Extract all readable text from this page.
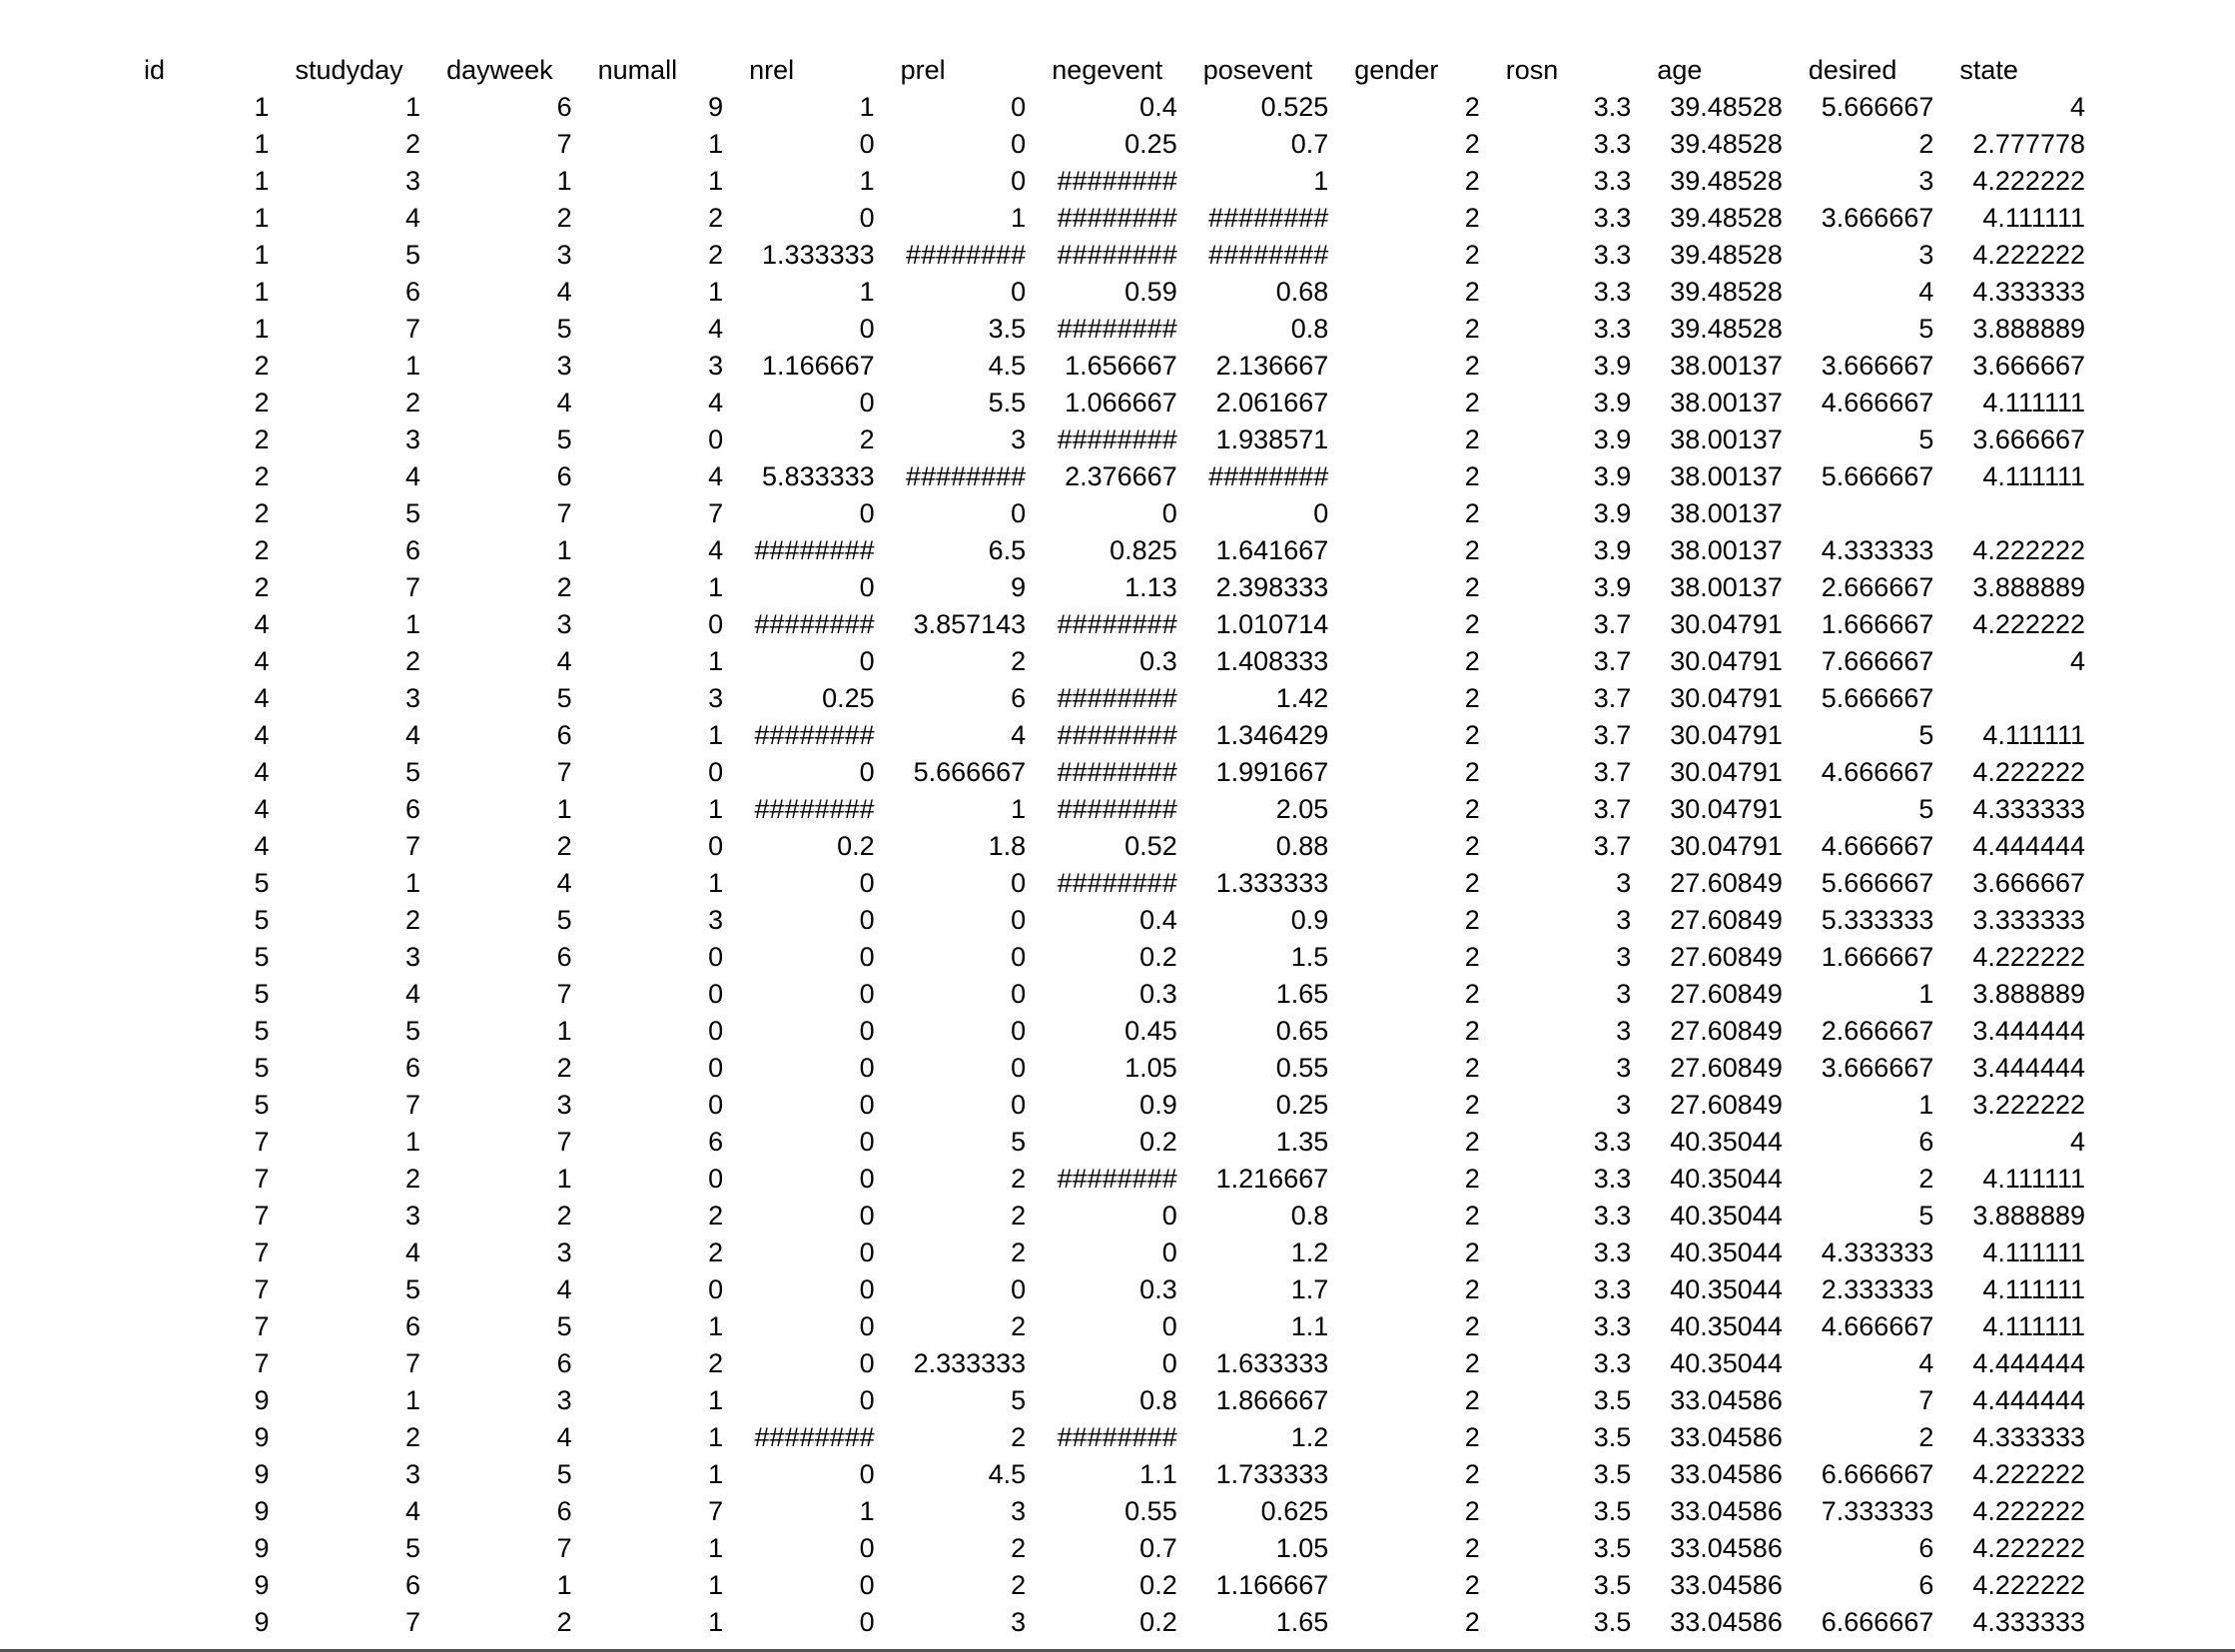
id	studyday	dayweek	numall	nrel	prel	negevent	posevent	gender	rosn	age	desired	state
1	1	6	9	1	0	0.4	0.525	2	3.3	39.48528	5.666667	4
1	2	7	1	0	0	0.25	0.7	2	3.3	39.48528	2	2.777778
1	3	1	1	1	0	########	1	2	3.3	39.48528	3	4.222222
1	4	2	2	0	1	########	########	2	3.3	39.48528	3.666667	4.111111
1	5	3	2	1.333333	########	########	########	2	3.3	39.48528	3	4.222222
1	6	4	1	1	0	0.59	0.68	2	3.3	39.48528	4	4.333333
1	7	5	4	0	3.5	########	0.8	2	3.3	39.48528	5	3.888889
2	1	3	3	1.166667	4.5	1.656667	2.136667	2	3.9	38.00137	3.666667	3.666667
2	2	4	4	0	5.5	1.066667	2.061667	2	3.9	38.00137	4.666667	4.111111
2	3	5	0	2	3	########	1.938571	2	3.9	38.00137	5	3.666667
2	4	6	4	5.833333	########	2.376667	########	2	3.9	38.00137	5.666667	4.111111
2	5	7	7	0	0	0	0	2	3.9	38.00137		
2	6	1	4	########	6.5	0.825	1.641667	2	3.9	38.00137	4.333333	4.222222
2	7	2	1	0	9	1.13	2.398333	2	3.9	38.00137	2.666667	3.888889
4	1	3	0	########	3.857143	########	1.010714	2	3.7	30.04791	1.666667	4.222222
4	2	4	1	0	2	0.3	1.408333	2	3.7	30.04791	7.666667	4
4	3	5	3	0.25	6	########	1.42	2	3.7	30.04791	5.666667	
4	4	6	1	########	4	########	1.346429	2	3.7	30.04791	5	4.111111
4	5	7	0	0	5.666667	########	1.991667	2	3.7	30.04791	4.666667	4.222222
4	6	1	1	########	1	########	2.05	2	3.7	30.04791	5	4.333333
4	7	2	0	0.2	1.8	0.52	0.88	2	3.7	30.04791	4.666667	4.444444
5	1	4	1	0	0	########	1.333333	2	3	27.60849	5.666667	3.666667
5	2	5	3	0	0	0.4	0.9	2	3	27.60849	5.333333	3.333333
5	3	6	0	0	0	0.2	1.5	2	3	27.60849	1.666667	4.222222
5	4	7	0	0	0	0.3	1.65	2	3	27.60849	1	3.888889
5	5	1	0	0	0	0.45	0.65	2	3	27.60849	2.666667	3.444444
5	6	2	0	0	0	1.05	0.55	2	3	27.60849	3.666667	3.444444
5	7	3	0	0	0	0.9	0.25	2	3	27.60849	1	3.222222
7	1	7	6	0	5	0.2	1.35	2	3.3	40.35044	6	4
7	2	1	0	0	2	########	1.216667	2	3.3	40.35044	2	4.111111
7	3	2	2	0	2	0	0.8	2	3.3	40.35044	5	3.888889
7	4	3	2	0	2	0	1.2	2	3.3	40.35044	4.333333	4.111111
7	5	4	0	0	0	0.3	1.7	2	3.3	40.35044	2.333333	4.111111
7	6	5	1	0	2	0	1.1	2	3.3	40.35044	4.666667	4.111111
7	7	6	2	0	2.333333	0	1.633333	2	3.3	40.35044	4	4.444444
9	1	3	1	0	5	0.8	1.866667	2	3.5	33.04586	7	4.444444
9	2	4	1	########	2	########	1.2	2	3.5	33.04586	2	4.333333
9	3	5	1	0	4.5	1.1	1.733333	2	3.5	33.04586	6.666667	4.222222
9	4	6	7	1	3	0.55	0.625	2	3.5	33.04586	7.333333	4.222222
9	5	7	1	0	2	0.7	1.05	2	3.5	33.04586	6	4.222222
9	6	1	1	0	2	0.2	1.166667	2	3.5	33.04586	6	4.222222
9	7	2	1	0	3	0.2	1.65	2	3.5	33.04586	6.666667	4.333333
